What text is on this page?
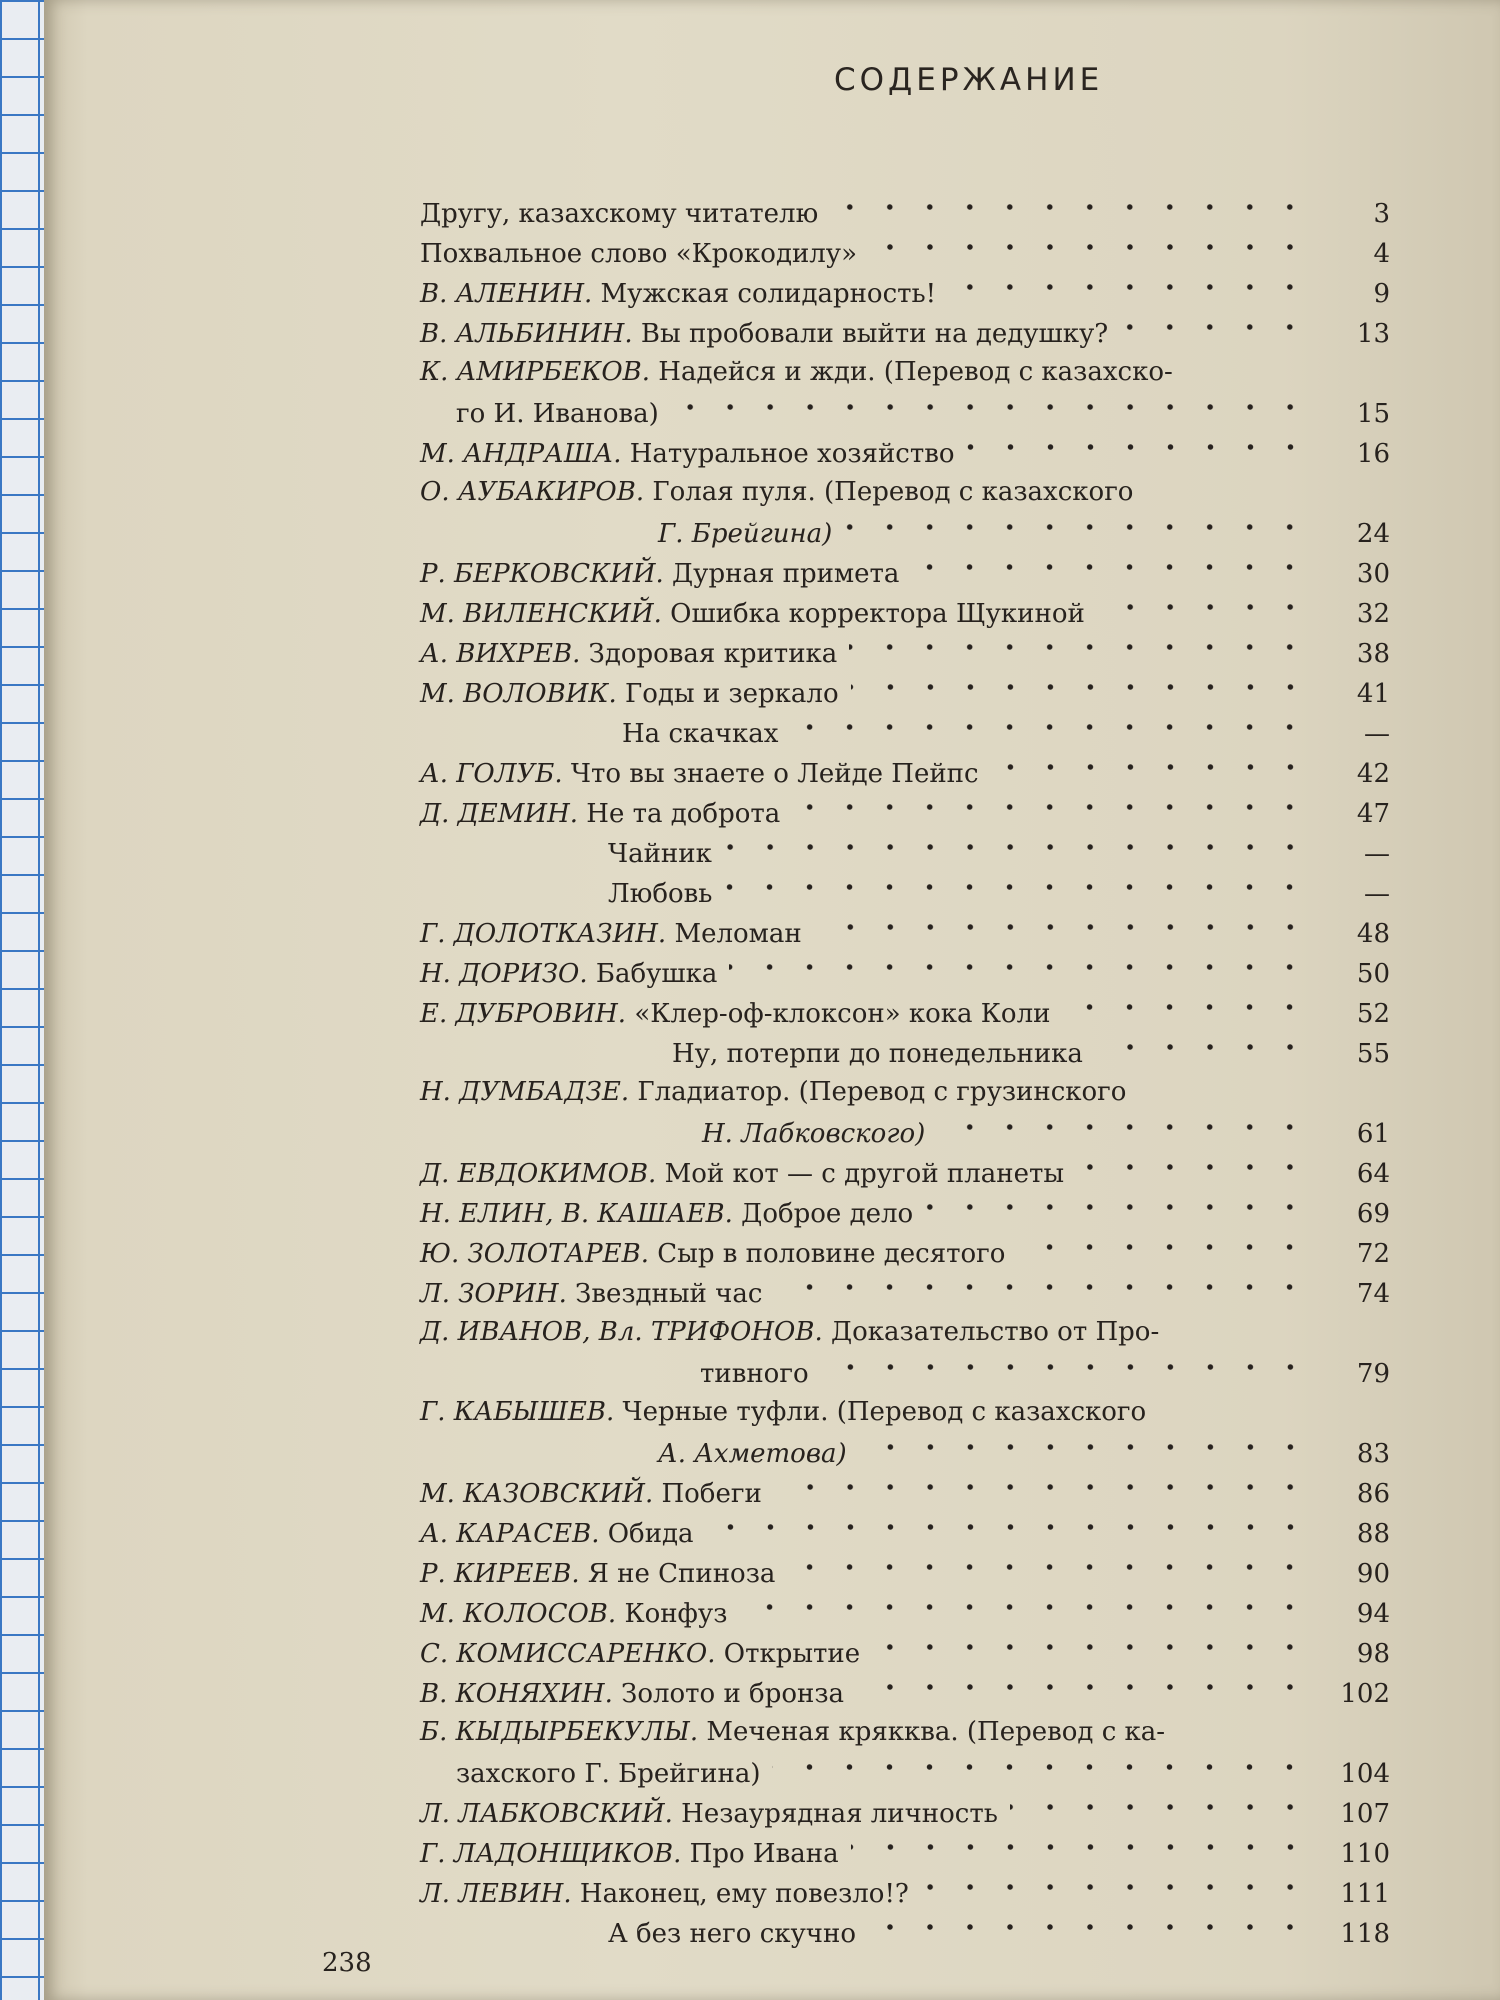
СОДЕРЖАНИЕ
Другу, казахскому читателю	3
Похвальное слово «Крокодилу»	4
В. АЛЕНИН. Мужская солидарность!	9
В. АЛЬБИНИН. Вы пробовали выйти на дедушку?	13
К. АМИРБЕКОВ. Надейся и жди. (Перевод с казахско-
го И. Иванова)	15
М. АНДРАША. Натуральное хозяйство	16
О. АУБАКИРОВ. Голая пуля. (Перевод с казахского
Г. Брейгина)	24
Р. БЕРКОВСКИЙ. Дурная примета	30
М. ВИЛЕНСКИЙ. Ошибка корректора Щукиной	32
А. ВИХРЕВ. Здоровая критика	38
М. ВОЛОВИК. Годы и зеркало	41
На скачках	—
А. ГОЛУБ. Что вы знаете о Лейде Пейпс	42
Д. ДЕМИН. Не та доброта	47
Чайник	—
Любовь	—
Г. ДОЛОТКАЗИН. Меломан	48
Н. ДОРИЗО. Бабушка	50
Е. ДУБРОВИН. «Клер-оф-клоксон» кока Коли	52
Ну, потерпи до понедельника	55
Н. ДУМБАДЗЕ. Гладиатор. (Перевод с грузинского
Н. Лабковского)	61
Д. ЕВДОКИМОВ. Мой кот — с другой планеты	64
Н. ЕЛИН, В. КАШАЕВ. Доброе дело	69
Ю. ЗОЛОТАРЕВ. Сыр в половине десятого	72
Л. ЗОРИН. Звездный час	74
Д. ИВАНОВ, Вл. ТРИФОНОВ. Доказательство от Про-
тивного	79
Г. КАБЫШЕВ. Черные туфли. (Перевод с казахского
А. Ахметова)	83
М. КАЗОВСКИЙ. Побеги	86
А. КАРАСЕВ. Обида	88
Р. КИРЕЕВ. Я не Спиноза	90
М. КОЛОСОВ. Конфуз	94
С. КОМИССАРЕНКО. Открытие	98
В. КОНЯХИН. Золото и бронза	102
Б. КЫДЫРБЕКУЛЫ. Меченая крякква. (Перевод с ка-
захского Г. Брейгина)	104
Л. ЛАБКОВСКИЙ. Незаурядная личность	107
Г. ЛАДОНЩИКОВ. Про Ивана	110
Л. ЛЕВИН. Наконец, ему повезло!?	111
А без него скучно	118
238
